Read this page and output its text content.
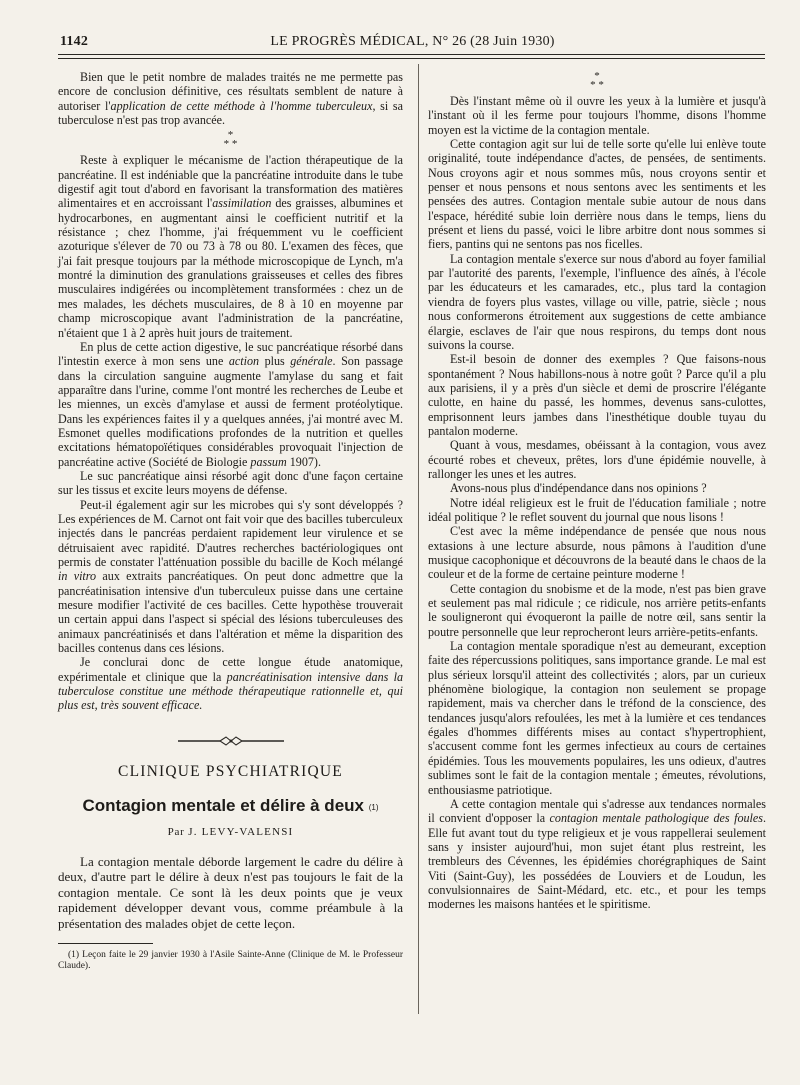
1142	LE PROGRÈS MÉDICAL, N° 26 (28 Juin 1930)

Bien que le petit nombre de malades traités ne me permette pas encore de conclusion définitive, ces résultats semblent de nature à autoriser l'application de cette méthode à l'homme tuberculeux, si sa tuberculose n'est pas trop avancée.

*
* *

Reste à expliquer le mécanisme de l'action thérapeutique de la pancréatine. Il est indéniable que la pancréatine introduite dans le tube digestif agit tout d'abord en favorisant la transformation des matières alimentaires et en accroissant l'assimilation des graisses, albumines et hydrocarbones, en augmentant ainsi le coefficient nutritif et la résistance ; chez l'homme, j'ai fréquemment vu le coefficient azoturique s'élever de 70 ou 73 à 78 ou 80. L'examen des fèces, que j'ai fait presque toujours par la méthode microscopique de Lynch, m'a montré la diminution des granulations graisseuses et celles des fibres musculaires indigérées ou incomplètement transformées : chez un de mes malades, les déchets musculaires, de 8 à 10 en moyenne par champ microscopique avant l'administration de la pancréatine, n'étaient que 1 à 2 après huit jours de traitement.

En plus de cette action digestive, le suc pancréatique résorbé dans l'intestin exerce à mon sens une action plus générale. Son passage dans la circulation sanguine augmente l'amylase du sang et fait apparaître dans l'urine, comme l'ont montré les recherches de Leube et les miennes, un excès d'amylase et aussi de ferment protéolytique. Dans les expériences faites il y a quelques années, j'ai montré avec M. Esmonet quelles modifications profondes de la nutrition et quelles excitations hématopoïétiques considérables provoquait l'injection de pancréatine active (Société de Biologie passum 1907).

Le suc pancréatique ainsi résorbé agit donc d'une façon certaine sur les tissus et excite leurs moyens de défense.

Peut-il également agir sur les microbes qui s'y sont développés ? Les expériences de M. Carnot ont fait voir que des bacilles tuberculeux injectés dans le pancréas perdaient rapidement leur virulence et se détruisaient avec rapidité. D'autres recherches bactériologiques ont permis de constater l'atténuation possible du bacille de Koch mélangé in vitro aux extraits pancréatiques. On peut donc admettre que la pancréatinisation intensive d'un tuberculeux puisse dans une certaine mesure modifier l'activité de ces bacilles. Cette hypothèse trouverait un certain appui dans l'aspect si spécial des lésions tuberculeuses des animaux pancréatinisés et dans l'altération et même la disparition des bacilles contenus dans ces lésions.

Je conclurai donc de cette longue étude anatomique, expérimentale et clinique que la pancréatinisation intensive dans la tuberculose constitue une méthode thérapeutique rationnelle et, qui plus est, très souvent efficace.

CLINIQUE PSYCHIATRIQUE
Contagion mentale et délire à deux $^{(1)}$
Par J. LEVY-VALENSI

La contagion mentale déborde largement le cadre du délire à deux, d'autre part le délire à deux n'est pas toujours le fait de la contagion mentale. Ce sont là les deux points que je veux rapidement développer devant vous, comme préambule à la présentation des malades objet de cette leçon.

(1) Leçon faite le 29 janvier 1930 à l'Asile Sainte-Anne (Clinique de M. le Professeur Claude).

*
* *

Dès l'instant même où il ouvre les yeux à la lumière et jusqu'à l'instant où il les ferme pour toujours l'homme, disons l'homme moyen est la victime de la contagion mentale.

Cette contagion agit sur lui de telle sorte qu'elle lui enlève toute originalité, toute indépendance d'actes, de pensées, de sentiments. Nous croyons agir et nous sommes mûs, nous croyons sentir et penser et nous pensons et nous sentons avec les sentiments et les pensées des autres. Contagion mentale subie autour de nous dans l'espace, hérédité subie loin derrière nous dans le temps, liens du présent et liens du passé, voici le libre arbitre dont nous sommes si fiers, pantins qui ne sentons pas nos ficelles.

La contagion mentale s'exerce sur nous d'abord au foyer familial par l'autorité des parents, l'exemple, l'influence des aînés, à l'école par les éducateurs et les camarades, etc., plus tard la contagion viendra de foyers plus vastes, village ou ville, patrie, siècle ; nous nous conformerons étroitement aux suggestions de cette ambiance élargie, esclaves de l'air que nous respirons, du temps dont nous suivons la course.

Est-il besoin de donner des exemples ? Que faisons-nous spontanément ? Nous habillons-nous à notre goût ? Parce qu'il a plu aux parisiens, il y a près d'un siècle et demi de proscrire l'élégante culotte, en haine du passé, les hommes, devenus sans-culottes, emprisonnent leurs jambes dans l'inesthétique double tuyau du pantalon moderne.

Quant à vous, mesdames, obéissant à la contagion, vous avez écourté robes et cheveux, prêtes, lors d'une épidémie nouvelle, à rallonger les unes et les autres.

Avons-nous plus d'indépendance dans nos opinions ?

Notre idéal religieux est le fruit de l'éducation familiale ; notre idéal politique ? le reflet souvent du journal que nous lisons !

C'est avec la même indépendance de pensée que nous nous extasions à une lecture absurde, nous pâmons à l'audition d'une musique cacophonique et découvrons de la beauté dans le chaos de la couleur et de la forme de certaine peinture moderne !

Cette contagion du snobisme et de la mode, n'est pas bien grave et seulement pas mal ridicule ; ce ridicule, nos arrière petits-enfants le souligneront qui évoqueront la paille de notre œil, sans sentir la poutre personnelle que leur reprocheront leurs arrière-petits-enfants.

La contagion mentale sporadique n'est au demeurant, exception faite des répercussions politiques, sans importance grande. Le mal est plus sérieux lorsqu'il atteint des collectivités ; alors, par un curieux phénomène biologique, la contagion non seulement se propage rapidement, mais va chercher dans le tréfond de la conscience, des tendances jusqu'alors refoulées, les met à la lumière et ces tendances égales d'hommes différents mises au contact s'hypertrophient, s'accusent comme font les germes infectieux au cours de certaines épidémies. Tous les mouvements populaires, les uns odieux, d'autres sublimes sont le fait de la contagion mentale ; émeutes, révolutions, enthousiasme patriotique.

A cette contagion mentale qui s'adresse aux tendances normales il convient d'opposer la contagion mentale pathologique des foules. Elle fut avant tout du type religieux et je vous rappellerai seulement sans y insister aujourd'hui, mon sujet étant plus restreint, les trembleurs des Cévennes, les épidémies chorégraphiques de Saint Viti (Saint-Guy), les possédées de Louviers et de Loudun, les convulsionnaires de Saint-Médard, etc. etc., et pour les temps modernes les maisons hantées et le spiritisme.
